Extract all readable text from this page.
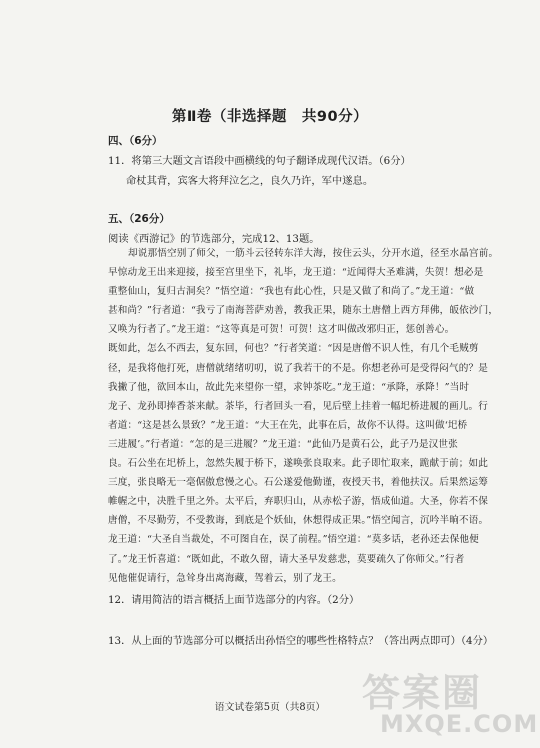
第Ⅱ卷（非选择题　共90分）
四、（6分）
11．将第三大题文言语段中画横线的句子翻译成现代汉语。（6分）
命杖其背，宾客大将拜泣乞之，良久乃许，军中遂息。
五、（26分）
阅读《西游记》的节选部分，完成12、13题。
却说那悟空别了师父，一筋斗云径转东洋大海，按住云头，分开水道，径至水晶宫前。
早惊动龙王出来迎接，接至宫里坐下，礼毕，龙王道：“近闻得大圣难满，失贺！想必是
重整仙山，复归古洞矣？”悟空道：“我也有此心性，只是又做了和尚了。”龙王道：“做
甚和尚？”行者道：“我亏了南海菩萨劝善，教我正果，随东土唐僧上西方拜佛，皈依沙门，
又唤为行者了。”龙王道：“这等真是可贺！可贺！这才叫做改邪归正，惩创善心。
既如此，怎么不西去，复东回，何也？”行者笑道：“因是唐僧不识人性，有几个毛贼剪
径，是我将他打死，唐僧就绪绪叨叨，说了我若干的不是。你想老孙可是受得闷气的？是
我撇了他，欲回本山，故此先来望你一望，求钟茶吃。”龙王道：“承降，承降！”当时
龙子、龙孙即捧香茶来献。茶毕，行者回头一看，见后壁上挂着一幅圯桥进履的画儿。行
者道：“这是甚么景致？”龙王道：“大王在先，此事在后，故你不认得。这叫做‘圯桥
三进履’。”行者道：“怎的是三进履？”龙王道：“此仙乃是黄石公，此子乃是汉世张
良。石公坐在圯桥上，忽然失履于桥下，遂唤张良取来。此子即忙取来，跪献于前；如此
三度，张良略无一毫倨傲怠慢之心。石公遂爱他勤谨，夜授天书，着他扶汉。后果然运筹
帷幄之中，决胜千里之外。太平后，弃职归山，从赤松子游，悟成仙道。大圣，你若不保
唐僧，不尽勤劳，不受教诲，到底是个妖仙，休想得成正果。”悟空闻言，沉吟半晌不语。
龙王道：“大圣自当裁处，不可图自在，误了前程。”悟空道：“莫多话，老孙还去保他便
了。”龙王忻喜道：“既如此，不敢久留，请大圣早发慈悲，莫要疏久了你师父。”行者
见他催促请行，急耸身出离海藏，驾着云，别了龙王。
12．请用简洁的语言概括上面节选部分的内容。（2分）
13．从上面的节选部分可以概括出孙悟空的哪些性格特点？（答出两点即可）（4分）
语文试卷第5页（共8页） 答案圈
MXQE.COM
